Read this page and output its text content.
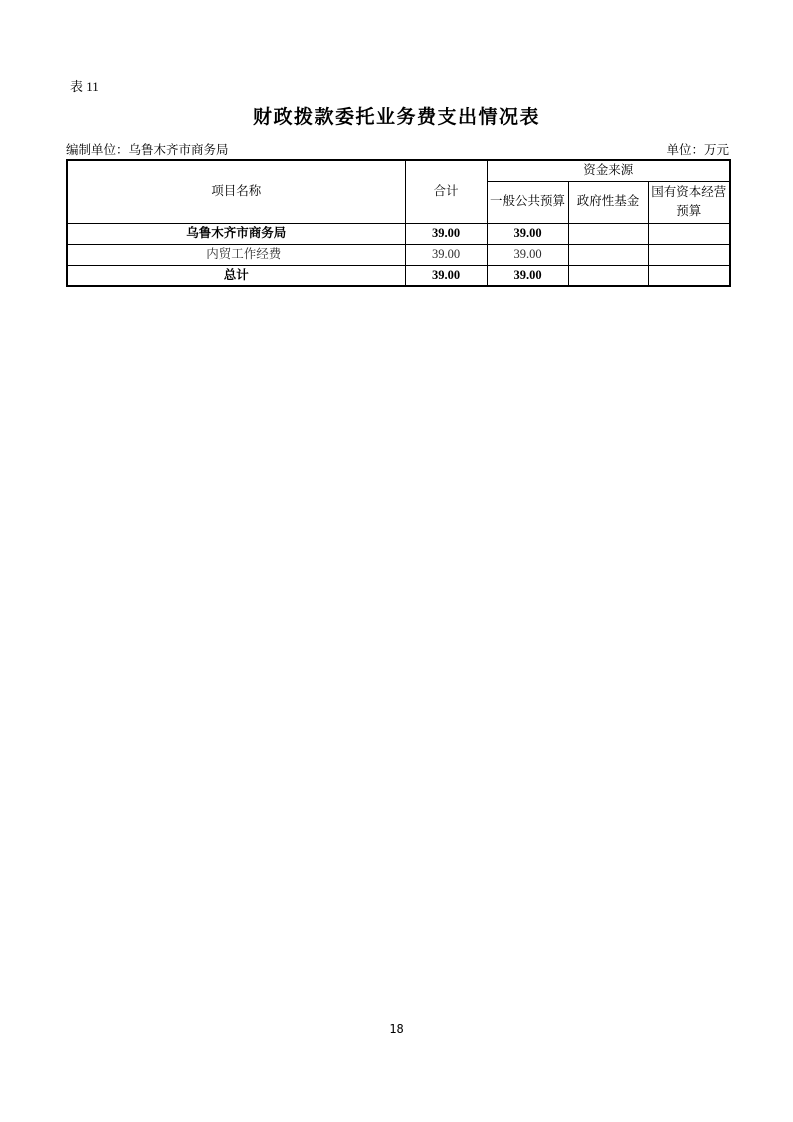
表 11
财政拨款委托业务费支出情况表
编制单位：乌鲁木齐市商务局	单位：万元
项目名称	合计	资金来源		
		一般公共预算	政府性基金	国有资本经营预算
乌鲁木齐市商务局	39.00	39.00		
内贸工作经费	39.00	39.00		
总计	39.00	39.00		
18
